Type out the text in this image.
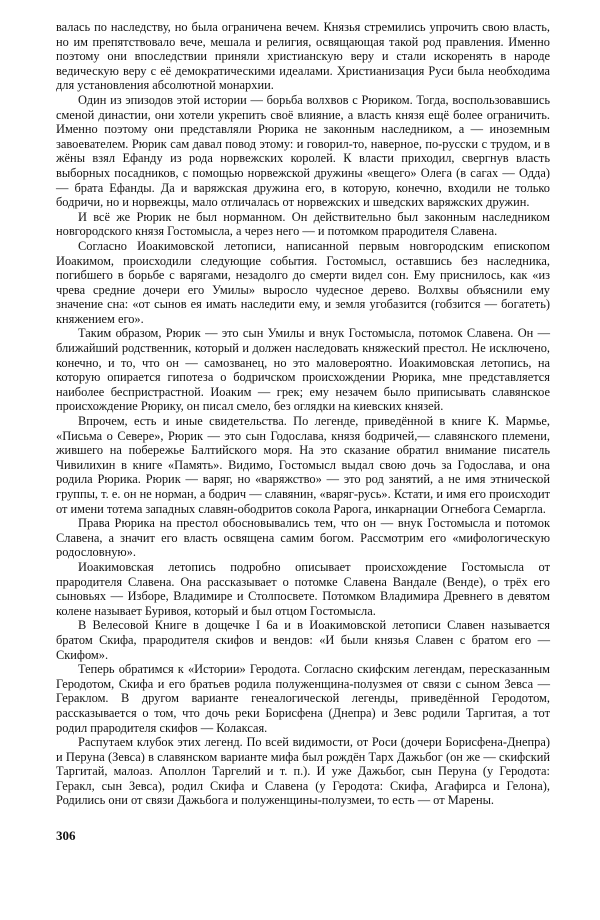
валась по наследству, но была ограничена вечем. Князья стремились упрочить свою власть, но им препятствовало вече, мешала и религия, освящающая такой род правления. Именно поэтому они впоследствии приняли христианскую веру и стали искоренять в народе ведическую веру с её демократическими идеалами. Христианизация Руси была необходима для установления абсолютной монархии.

Один из эпизодов этой истории — борьба волхвов с Рюриком. Тогда, воспользовавшись сменой династии, они хотели укрепить своё влияние, а власть князя ещё более ограничить. Именно поэтому они представляли Рюрика не законным наследником, а — иноземным завоевателем. Рюрик сам давал повод этому: и говорил-то, наверное, по-русски с трудом, и в жёны взял Ефанду из рода норвежских королей. К власти приходил, свергнув власть выборных посадников, с помощью норвежской дружины «вещего» Олега (в сагах — Одда) — брата Ефанды. Да и варяжская дружина его, в которую, конечно, входили не только бодричи, но и норвежцы, мало отличалась от норвежских и шведских варяжских дружин.

И всё же Рюрик не был норманном. Он действительно был законным наследником новгородского князя Гостомысла, а через него — и потомком прародителя Славена.

Согласно Иоакимовской летописи, написанной первым новгородским епископом Иоакимом, происходили следующие события. Гостомысл, оставшись без наследника, погибшего в борьбе с варягами, незадолго до смерти видел сон. Ему приснилось, как «из чрева средние дочери его Умилы» выросло чудесное дерево. Волхвы объяснили ему значение сна: «от сынов ея имать наследити ему, и земля угобазится (гобзится — богатеть) княжением его».

Таким образом, Рюрик — это сын Умилы и внук Гостомысла, потомок Славена. Он — ближайший родственник, который и должен наследовать княжеский престол. Не исключено, конечно, и то, что он — самозванец, но это маловероятно. Иоакимовская летопись, на которую опирается гипотеза о бодричском происхождении Рюрика, мне представляется наиболее беспристрастной. Иоаким — грек; ему незачем было приписывать славянское происхождение Рюрику, он писал смело, без оглядки на киевских князей.

Впрочем, есть и иные свидетельства. По легенде, приведённой в книге К. Мармье, «Письма о Севере», Рюрик — это сын Годослава, князя бодричей,— славянского племени, жившего на побережье Балтийского моря. На это сказание обратил внимание писатель Чивилихин в книге «Память». Видимо, Гостомысл выдал свою дочь за Годослава, и она родила Рюрика. Рюрик — варяг, но «варяжство» — это род занятий, а не имя этнической группы, т. е. он не норман, а бодрич — славянин, «варяг-русь». Кстати, и имя его происходит от имени тотема западных славян-ободритов сокола Рарога, инкарнации Огнебога Семаргла.

Права Рюрика на престол обосновывались тем, что он — внук Гостомысла и потомок Славена, а значит его власть освящена самим богом. Рассмотрим его «мифологическую родословную».

Иоакимовская летопись подробно описывает происхождение Гостомысла от прародителя Славена. Она рассказывает о потомке Славена Вандале (Венде), о трёх его сыновьях — Изборе, Владимире и Столпосвете. Потомком Владимира Древнего в девятом колене называет Буривоя, который и был отцом Гостомысла.

В Велесовой Книге в дощечке I 6а и в Иоакимовской летописи Славен называется братом Скифа, прародителя скифов и вендов: «И были князья Славен с братом его — Скифом».

Теперь обратимся к «Истории» Геродота. Согласно скифским легендам, пересказанным Геродотом, Скифа и его братьев родила полуженщина-полузмея от связи с сыном Зевса — Гераклом. В другом варианте генеалогической легенды, приведённой Геродотом, рассказывается о том, что дочь реки Борисфена (Днепра) и Зевс родили Таргитая, а тот родил прародителя скифов — Колаксая.

Распутаем клубок этих легенд. По всей видимости, от Роси (дочери Борисфена-Днепра) и Перуна (Зевса) в славянском варианте мифа был рождён Тарх Дажьбог (он же — скифский Таргитай, малоаз. Аполлон Таргелий и т. п.). И уже Дажьбог, сын Перуна (у Геродота: Геракл, сын Зевса), родил Скифа и Славена (у Геродота: Скифа, Агафирса и Гелона), Родились они от связи Дажьбога и полуженщины-полузмеи, то есть — от Марены.

306
